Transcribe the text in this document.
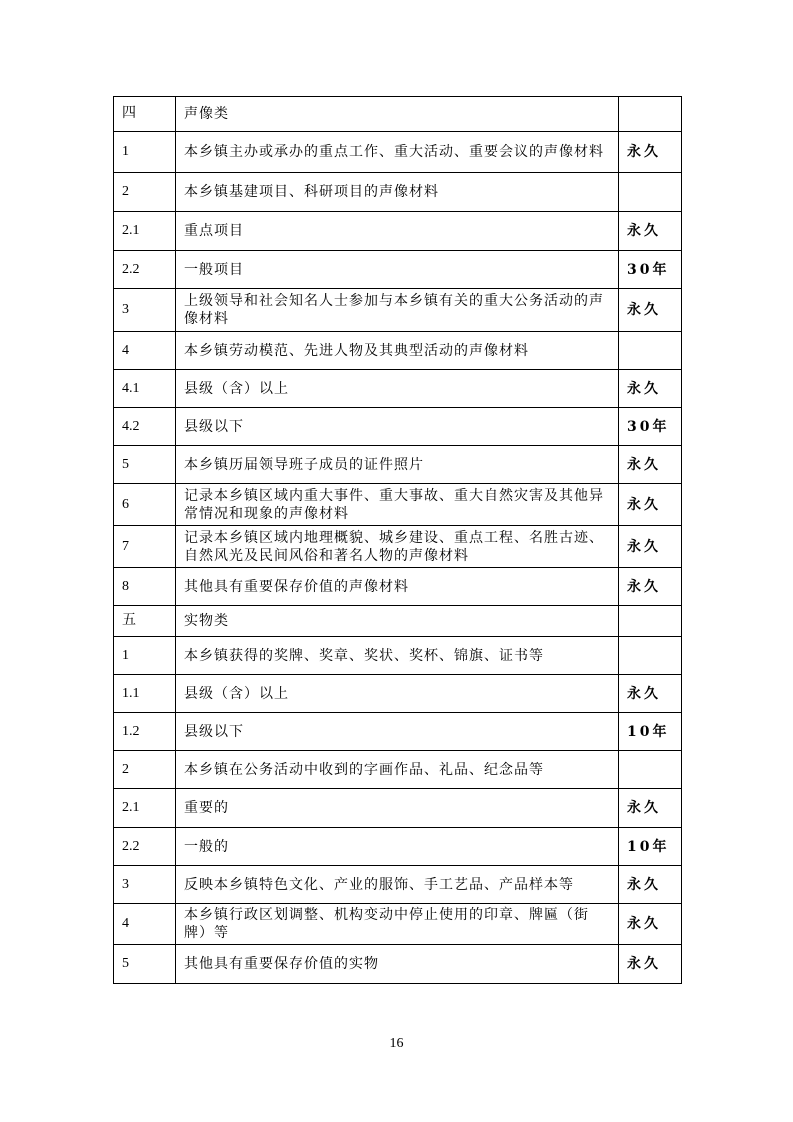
四	声像类	
1	本乡镇主办或承办的重点工作、重大活动、重要会议的声像材料	永久
2	本乡镇基建项目、科研项目的声像材料	
2.1	重点项目	永久
2.2	一般项目	30年
3	上级领导和社会知名人士参加与本乡镇有关的重大公务活动的声像材料	永久
4	本乡镇劳动模范、先进人物及其典型活动的声像材料	
4.1	县级（含）以上	永久
4.2	县级以下	30年
5	本乡镇历届领导班子成员的证件照片	永久
6	记录本乡镇区域内重大事件、重大事故、重大自然灾害及其他异常情况和现象的声像材料	永久
7	记录本乡镇区域内地理概貌、城乡建设、重点工程、名胜古迹、自然风光及民间风俗和著名人物的声像材料	永久
8	其他具有重要保存价值的声像材料	永久
五	实物类	
1	本乡镇获得的奖牌、奖章、奖状、奖杯、锦旗、证书等	
1.1	县级（含）以上	永久
1.2	县级以下	10年
2	本乡镇在公务活动中收到的字画作品、礼品、纪念品等	
2.1	重要的	永久
2.2	一般的	10年
3	反映本乡镇特色文化、产业的服饰、手工艺品、产品样本等	永久
4	本乡镇行政区划调整、机构变动中停止使用的印章、牌匾（街牌）等	永久
5	其他具有重要保存价值的实物	永久
16
